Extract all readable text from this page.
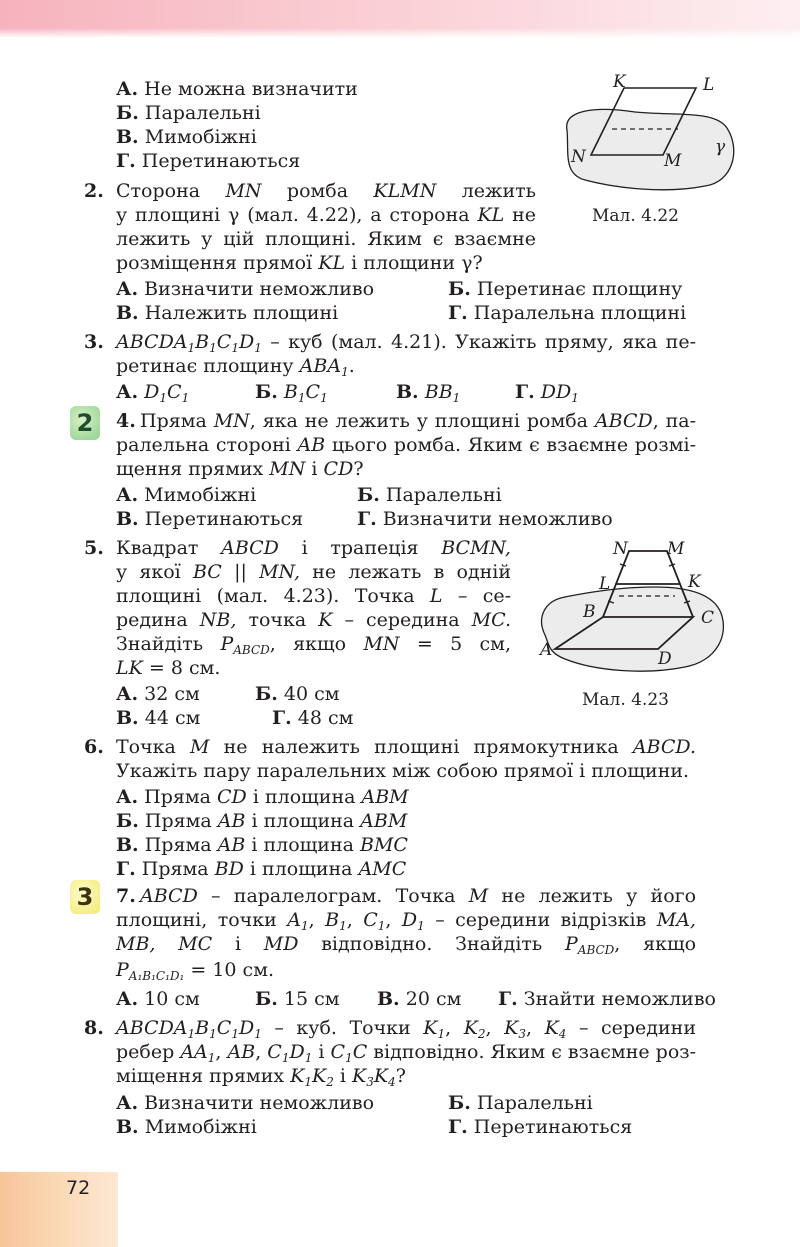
А. Не можна визначити
Б. Паралельні
В. Мимобіжні
Г. Перетинаються
K	L
N	M
γ
Мал. 4.22
2. Сторона MN ромба KLMN лежить
у площині γ (мал. 4.22), а сторона KL не
лежить у цій площині. Яким є взаємне
розміщення прямої KL і площини γ?
А. Визначити неможливо	Б. Перетинає площину
В. Належить площині	Г. Паралельна площині
3. $ABCDA_1B_1C_1D_1$ – куб (мал. 4.21). Укажіть пряму, яка пе-
ретинає площину $ABA_1$.
А. $D_1C_1$	Б. $B_1C_1$	В. $BB_1$	Г. $DD_1$
2	4. Пряма MN, яка не лежить у площині ромба ABCD, па-
ралельна стороні AB цього ромба. Яким є взаємне розмі-
щення прямих MN і CD?
А. Мимобіжні	Б. Паралельні
В. Перетинаються	Г. Визначити неможливо
5. Квадрат ABCD і трапеція BCMN,
у якої BC || MN, не лежать в одній
площині (мал. 4.23). Точка L – се-
редина NB, точка K – середина MC.
Знайдіть $P_{ABCD}$, якщо MN = 5 см,
LK = 8 см.
А. 32 см	Б. 40 см
В. 44 см	Г. 48 см
N M
L	K
B	C
A	D
Мал. 4.23
6. Точка M не належить площині прямокутника ABCD.
Укажіть пару паралельних між собою прямої і площини.
А. Пряма CD і площина ABM
Б. Пряма AB і площина ABM
В. Пряма AB і площина BMC
Г. Пряма BD і площина AMC
3	7. ABCD – паралелограм. Точка M не лежить у його
площині, точки $A_1$, $B_1$, $C_1$, $D_1$ – середини відрізків MA,
MB, MC і MD відповідно. Знайдіть $P_{ABCD}$, якщо
$P_{A_1B_1C_1D_1} = 10$ см.
А. 10 см	Б. 15 см В. 20 см Г. Знайти неможливо
8. $ABCDA_1B_1C_1D_1$ – куб. Точки $K_1$, $K_2$, $K_3$, $K_4$ – середини
ребер $AA_1$, AB, $C_1D_1$ і $C_1C$ відповідно. Яким є взаємне роз-
міщення прямих $K_1K_2$ і $K_3K_4$?
А. Визначити неможливо	Б. Паралельні
В. Мимобіжні	Г. Перетинаються
72
